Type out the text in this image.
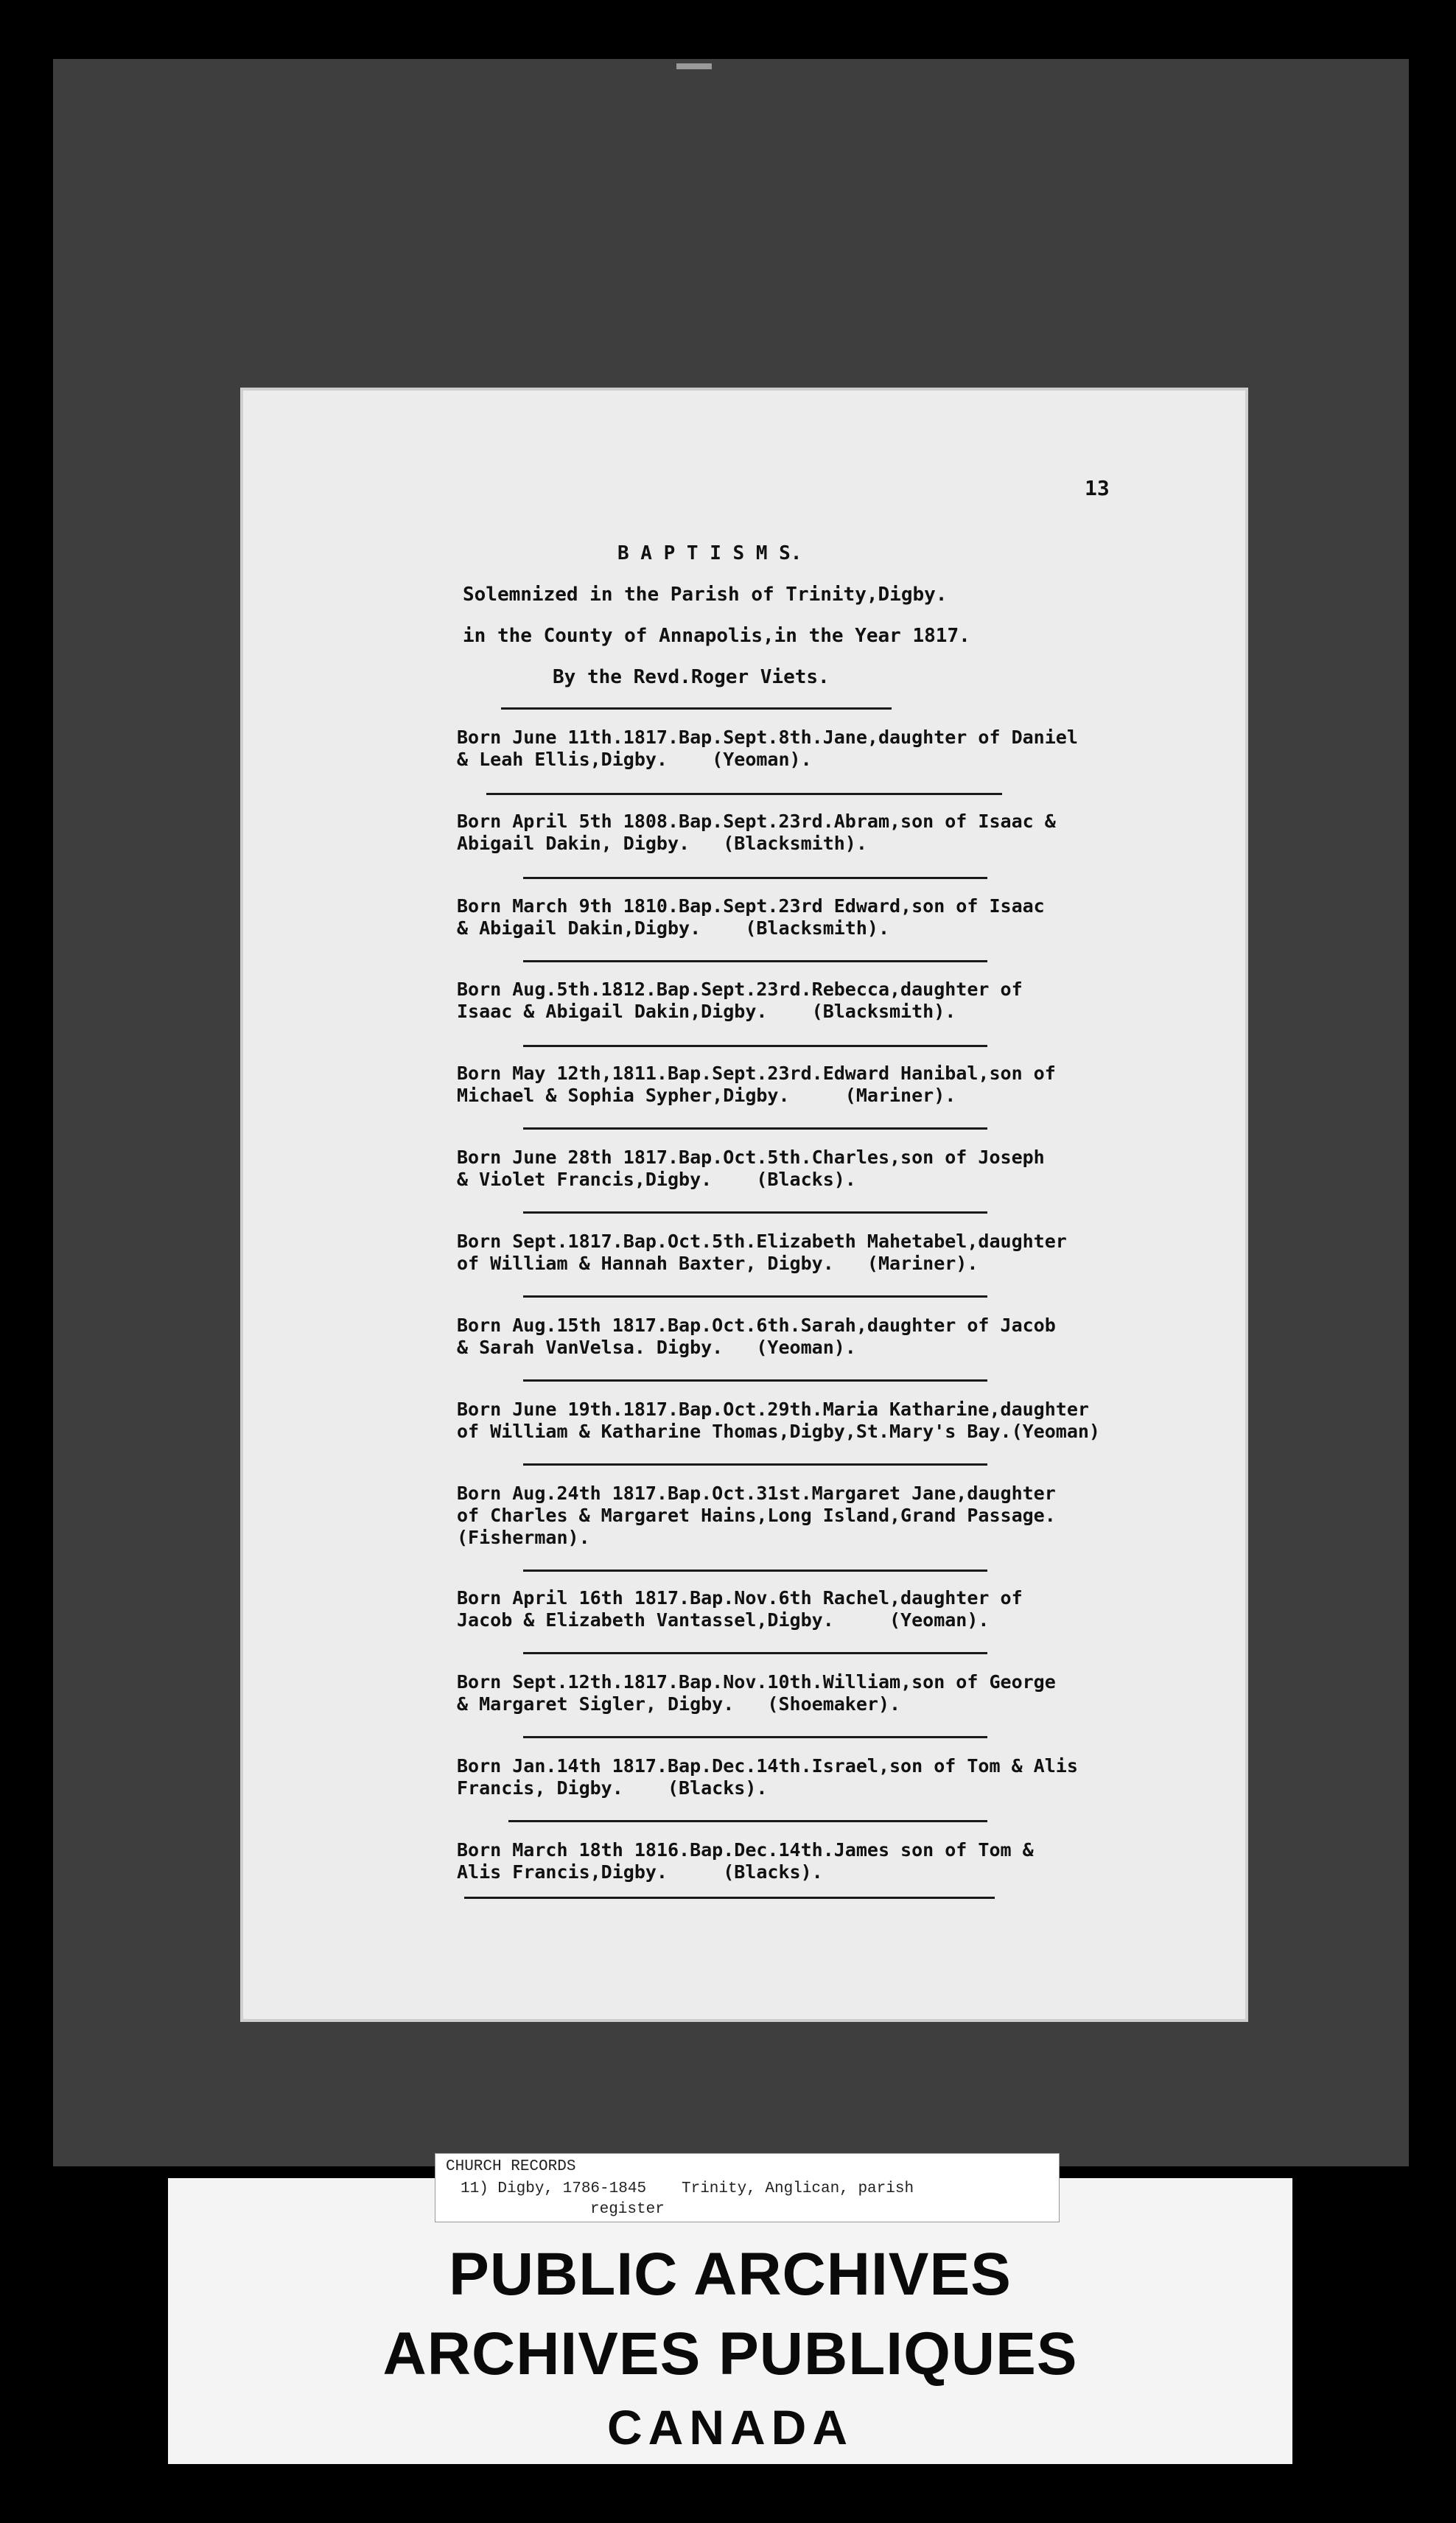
13
B A P T I S M S.
Solemnized in the Parish of Trinity,Digby.
in the County of Annapolis,in the Year 1817.
By the Revd.Roger Viets.
Born June 11th.1817.Bap.Sept.8th.Jane,daughter of Daniel
& Leah Ellis,Digby.    (Yeoman).
Born April 5th 1808.Bap.Sept.23rd.Abram,son of Isaac &
Abigail Dakin, Digby.   (Blacksmith).
Born March 9th 1810.Bap.Sept.23rd Edward,son of Isaac
& Abigail Dakin,Digby.    (Blacksmith).
Born Aug.5th.1812.Bap.Sept.23rd.Rebecca,daughter of
Isaac & Abigail Dakin,Digby.    (Blacksmith).
Born May 12th,1811.Bap.Sept.23rd.Edward Hanibal,son of
Michael & Sophia Sypher,Digby.     (Mariner).
Born June 28th 1817.Bap.Oct.5th.Charles,son of Joseph
& Violet Francis,Digby.    (Blacks).
Born Sept.1817.Bap.Oct.5th.Elizabeth Mahetabel,daughter
of William & Hannah Baxter, Digby.   (Mariner).
Born Aug.15th 1817.Bap.Oct.6th.Sarah,daughter of Jacob
& Sarah VanVelsa. Digby.   (Yeoman).
Born June 19th.1817.Bap.Oct.29th.Maria Katharine,daughter
of William & Katharine Thomas,Digby,St.Mary's Bay.(Yeoman)
Born Aug.24th 1817.Bap.Oct.31st.Margaret Jane,daughter
of Charles & Margaret Hains,Long Island,Grand Passage.
(Fisherman).
Born April 16th 1817.Bap.Nov.6th Rachel,daughter of
Jacob & Elizabeth Vantassel,Digby.     (Yeoman).
Born Sept.12th.1817.Bap.Nov.10th.William,son of George
& Margaret Sigler, Digby.   (Shoemaker).
Born Jan.14th 1817.Bap.Dec.14th.Israel,son of Tom & Alis
Francis, Digby.    (Blacks).
Born March 18th 1816.Bap.Dec.14th.James son of Tom &
Alis Francis,Digby.     (Blacks).
CHURCH RECORDS
11) Digby, 1786-1845 Trinity, Anglican, parish
register
PUBLIC ARCHIVES
ARCHIVES PUBLIQUES
CANADA
